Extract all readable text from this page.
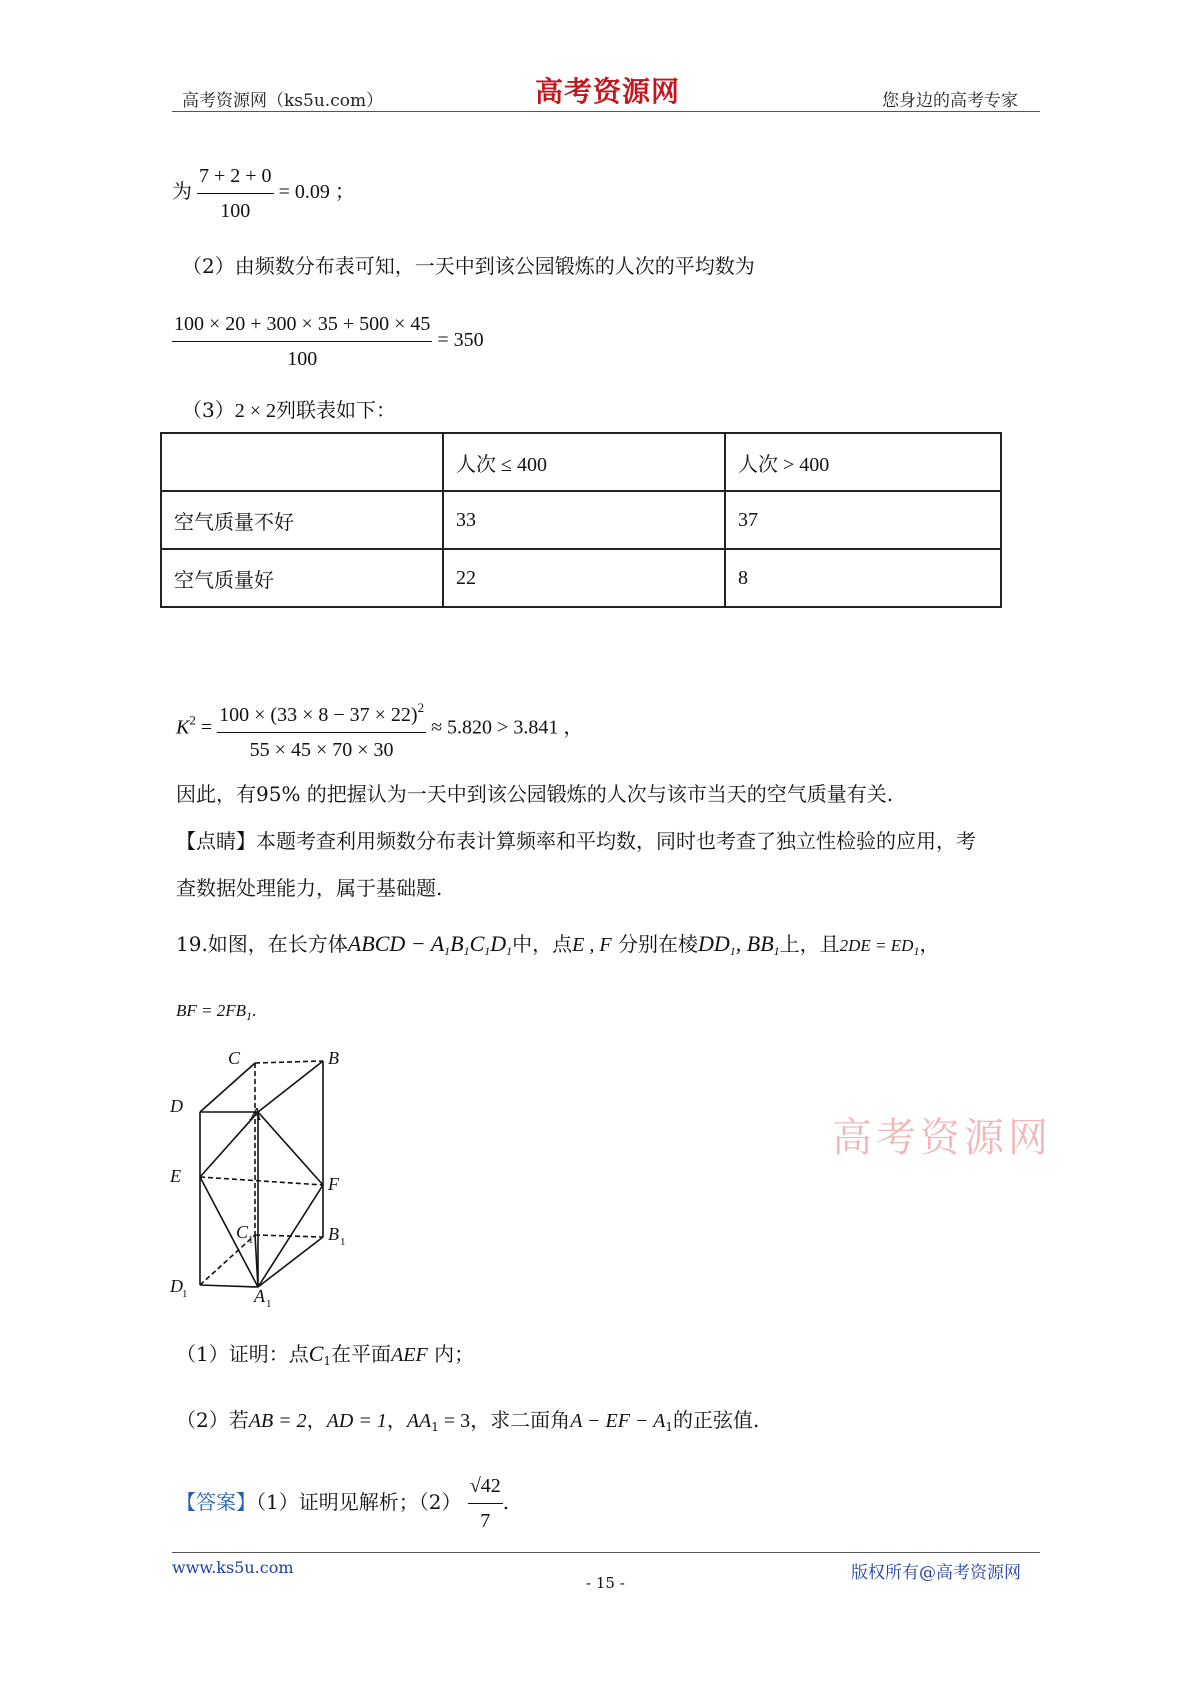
高考资源网（ks5u.com）	高考资源网	您身边的高考专家
为 $\frac{7 + 2 + 0}{100} = 0.09$ ；
（2）由频数分布表可知，一天中到该公园锻炼的人次的平均数为
$\frac{100 \times 20 + 300 \times 35 + 500 \times 45}{100} = 350$
（3）2 × 2列联表如下：
	人次 ≤ 400	人次 > 400
空气质量不好	33	37
空气质量好	22	8
$K^2 = \frac{100 \times (33 \times 8 - 37 \times 22)^2}{55 \times 45 \times 70 \times 30} \approx 5.820 > 3.841$ ，
因此，有95% 的把握认为一天中到该公园锻炼的人次与该市当天的空气质量有关.
【点睛】本题考查利用频数分布表计算频率和平均数，同时也考查了独立性检验的应用，考
查数据处理能力，属于基础题.
19.如图，在长方体ABCD − $A_1B_1C_1D_1$中，点E , F 分别在棱$DD_1$, $BB_1$上，且$2DE = ED_1$，
BF = $2FB_1$.
C	B
D	A
E	F
C 1	B 1
D 1	A 1
高考资源网
（1）证明：点$C_1$在平面AEF 内；
（2）若AB = 2，AD = 1，$AA_1 = 3$，求二面角A − EF − $A_1$的正弦值.
【答案】（1）证明见解析；$(2) \frac{√42}{7}$ .
www.ks5u.com
- 15 -	版权所有@高考资源网
